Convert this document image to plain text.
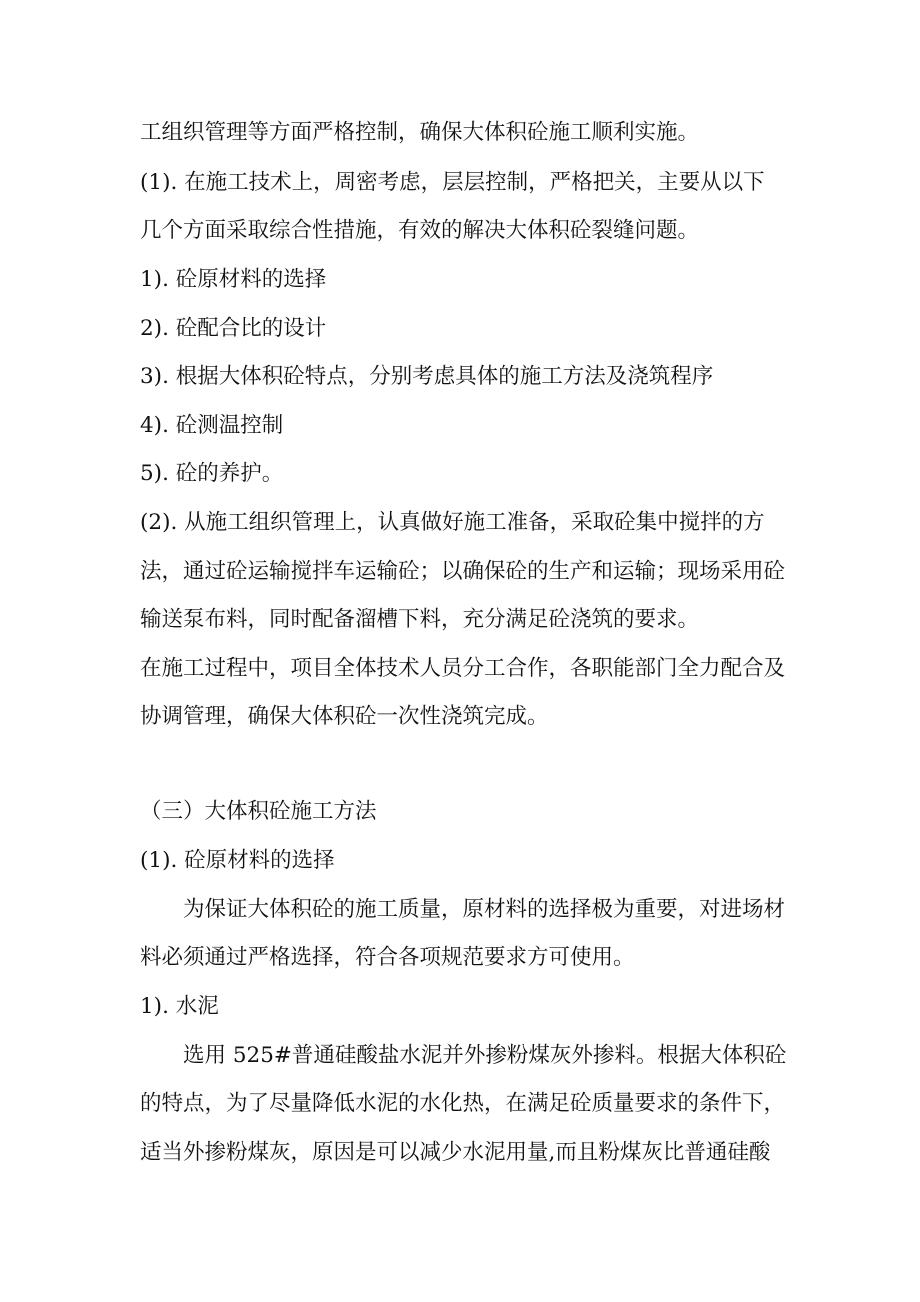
工组织管理等方面严格控制，确保大体积砼施工顺利实施。
(1). 在施工技术上，周密考虑，层层控制，严格把关，主要从以下
几个方面采取综合性措施，有效的解决大体积砼裂缝问题。
1). 砼原材料的选择
2). 砼配合比的设计
3). 根据大体积砼特点，分别考虑具体的施工方法及浇筑程序
4). 砼测温控制
5). 砼的养护。
(2). 从施工组织管理上，认真做好施工准备，采取砼集中搅拌的方
法，通过砼运输搅拌车运输砼；以确保砼的生产和运输；现场采用砼
输送泵布料，同时配备溜槽下料，充分满足砼浇筑的要求。
在施工过程中，项目全体技术人员分工合作，各职能部门全力配合及
协调管理，确保大体积砼一次性浇筑完成。
（三）大体积砼施工方法
(1). 砼原材料的选择
为保证大体积砼的施工质量，原材料的选择极为重要，对进场材
料必须通过严格选择，符合各项规范要求方可使用。
1). 水泥
选用 525#普通硅酸盐水泥并外掺粉煤灰外掺料。根据大体积砼
的特点，为了尽量降低水泥的水化热，在满足砼质量要求的条件下，
适当外掺粉煤灰，原因是可以减少水泥用量,而且粉煤灰比普通硅酸
